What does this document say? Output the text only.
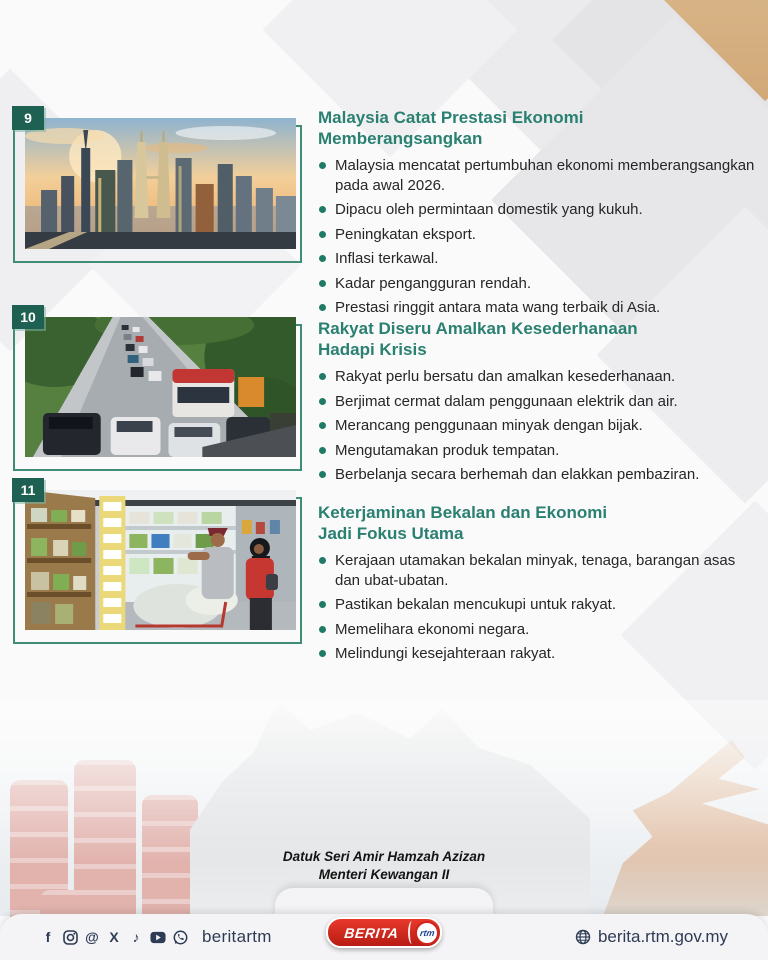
9	Malaysia Catat Prestasi Ekonomi
Memberangsangkan
Malaysia mencatat pertumbuhan ekonomi memberangsangkan pada awal 2026.
Dipacu oleh permintaan domestik yang kukuh.
Peningkatan eksport.
Inflasi terkawal.
Kadar pengangguran rendah.
Prestasi ringgit antara mata wang terbaik di Asia.
10
Rakyat Diseru Amalkan Kesederhanaan
Hadapi Krisis
Rakyat perlu bersatu dan amalkan kesederhanaan.
Berjimat cermat dalam penggunaan elektrik dan air.
Merancang penggunaan minyak dengan bijak.
Mengutamakan produk tempatan.
Berbelanja secara berhemah dan elakkan pembaziran.
11
Keterjaminan Bekalan dan Ekonomi
Jadi Fokus Utama
Kerajaan utamakan bekalan minyak, tenaga, barangan asas dan ubat-ubatan.
Pastikan bekalan mencukupi untuk rakyat.
Memelihara ekonomi negara.
Melindungi kesejahteraan rakyat.
Datuk Seri Amir Hamzah Azizan
Menteri Kewangan II
f	@ X ♪	beritartm	berita.rtm.gov.my
BERITA	rtm
